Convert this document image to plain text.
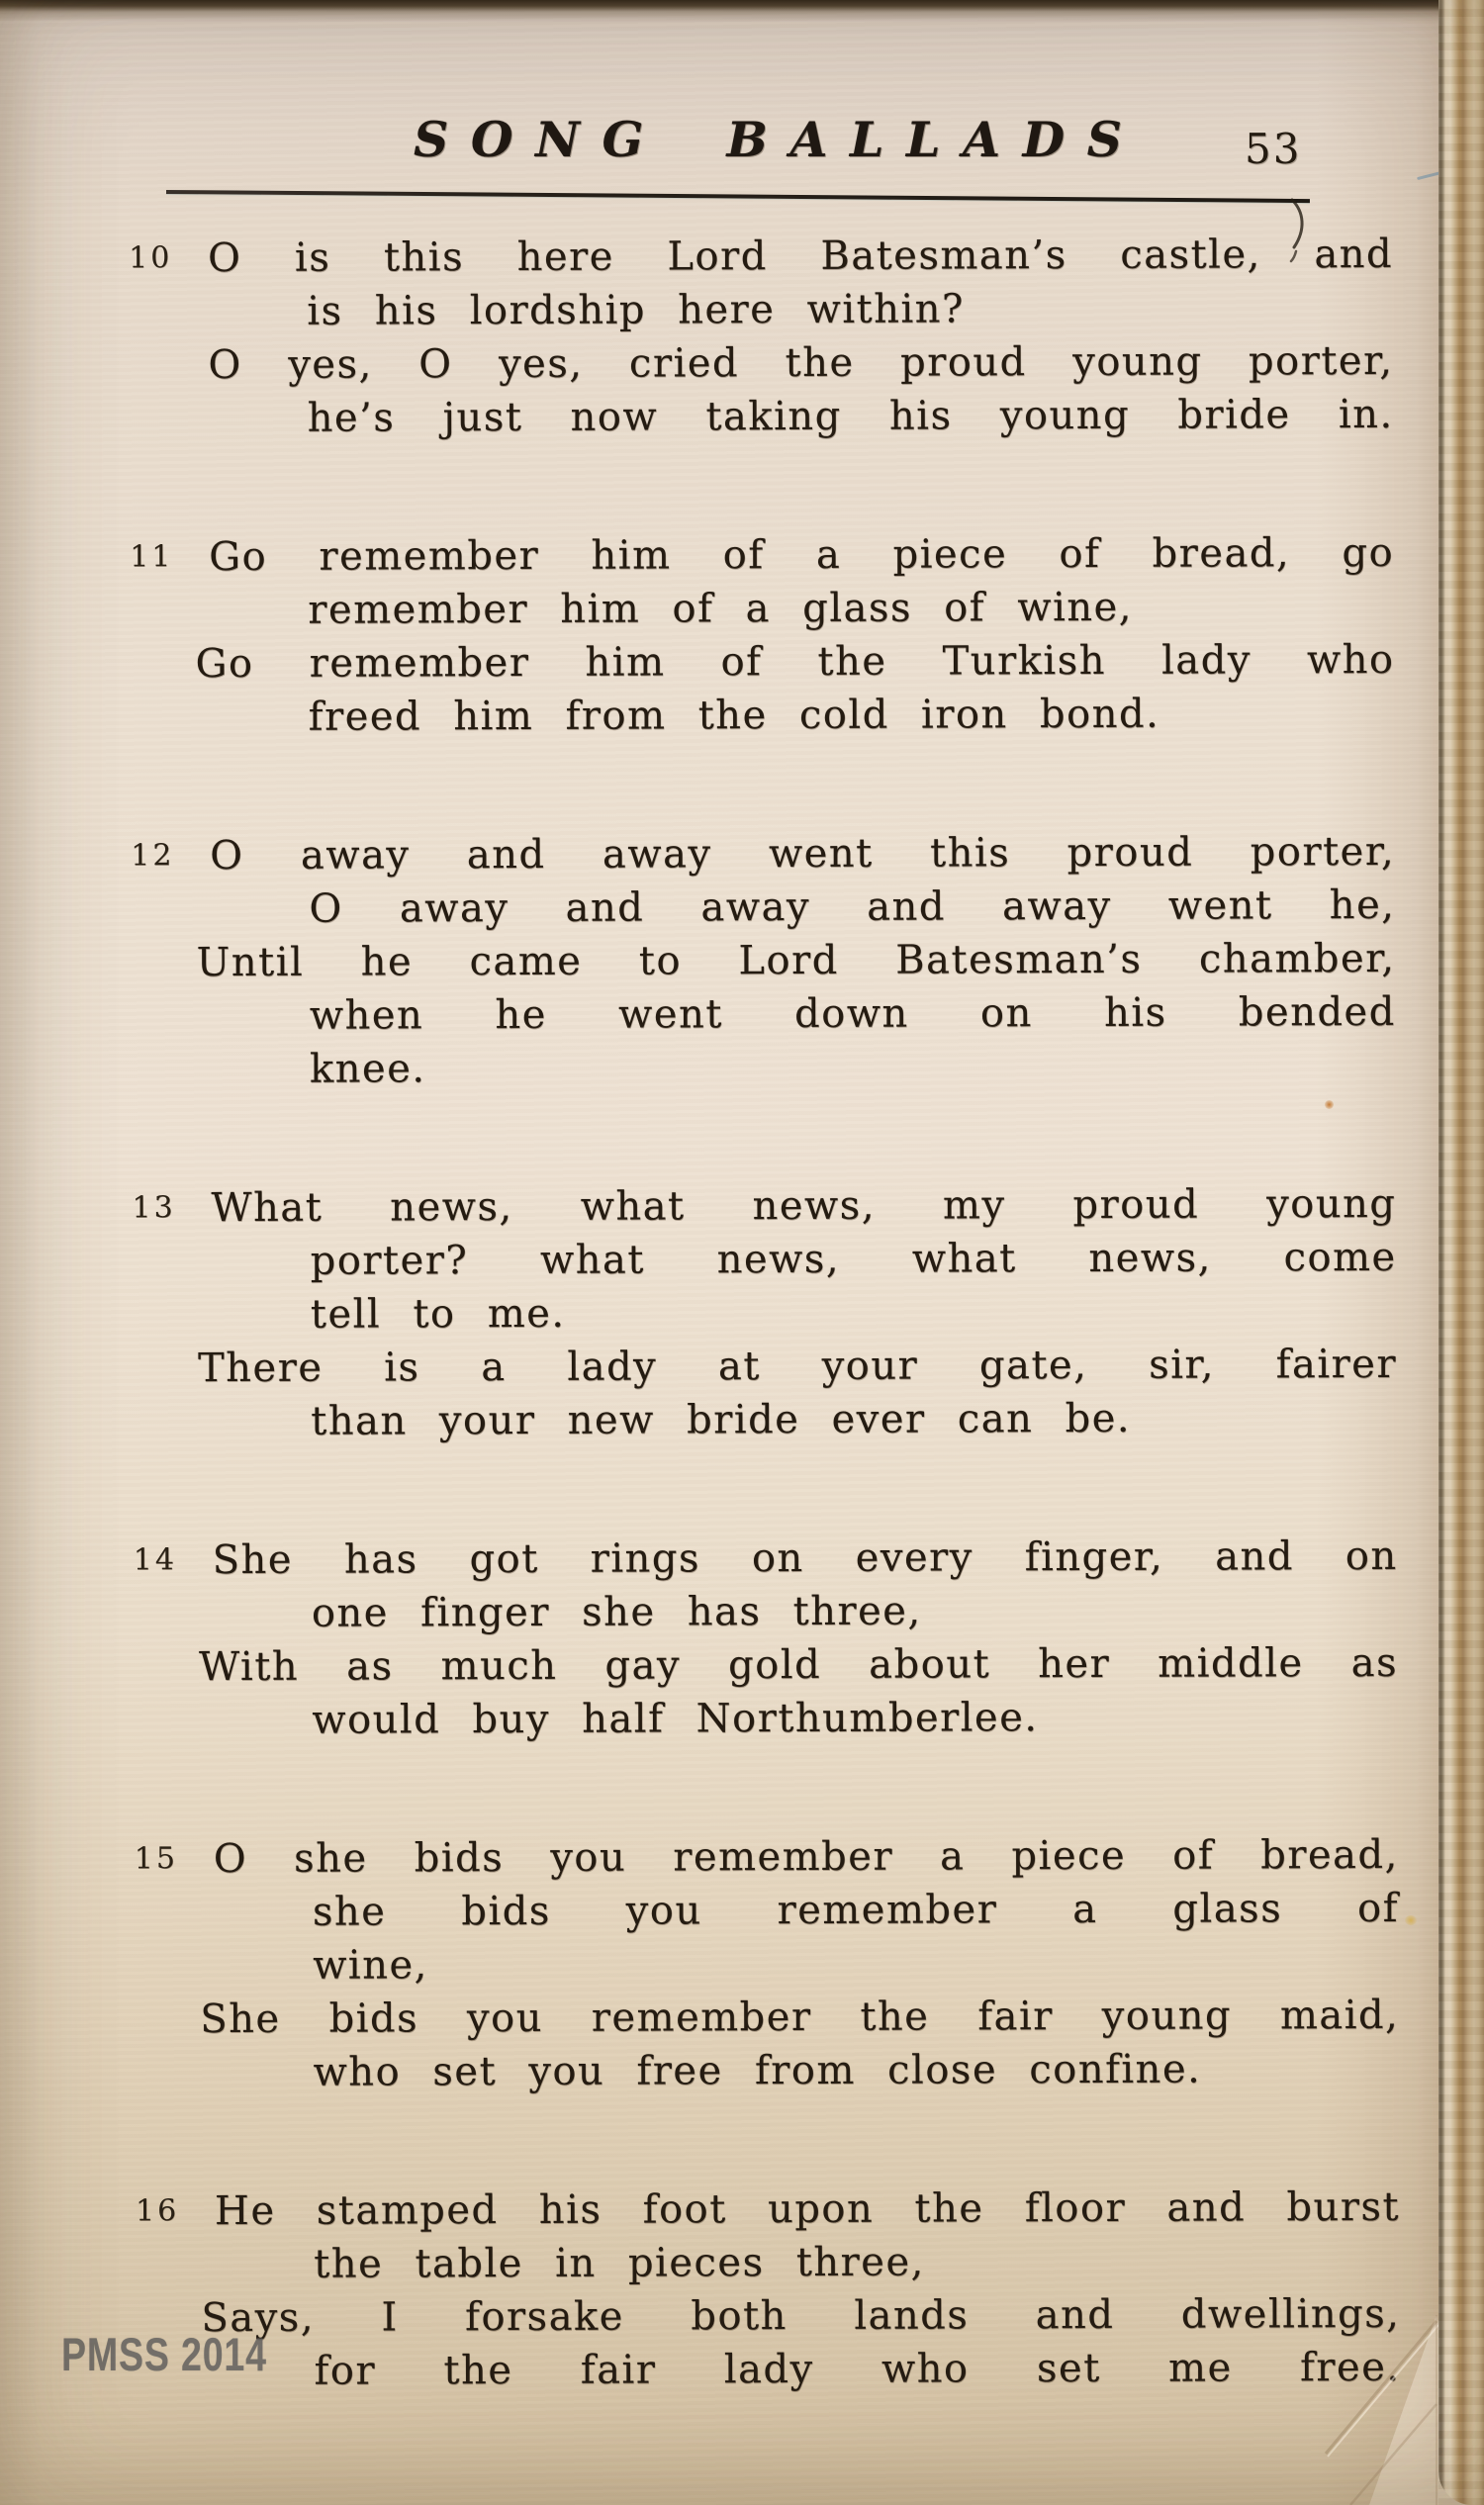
SONG BALLADS 53
10 O is this here Lord Batesman’s castle, and
is his lordship here within?
O yes, O yes, cried the proud young porter,
he’s just now taking his young bride in.
11 Go remember him of a piece of bread, go
remember him of a glass of wine,
Go remember him of the Turkish lady who
freed him from the cold iron bond.
12 O away and away went this proud porter,
O away and away and away went he,
Until he came to Lord Batesman’s chamber,
when he went down on his bended
knee.
13 What news, what news, my proud young
porter? what news, what news, come
tell to me.
There is a lady at your gate, sir, fairer
than your new bride ever can be.
14 She has got rings on every finger, and on
one finger she has three,
With as much gay gold about her middle as
would buy half Northumberlee.
15 O she bids you remember a piece of bread,
she bids you remember a glass of
wine,
She bids you remember the fair young maid,
who set you free from close confine.
16 He stamped his foot upon the floor and burst
the table in pieces three,
Says, I forsake both lands and dwellings,
for the fair lady who set me free.
PMSS 2014
